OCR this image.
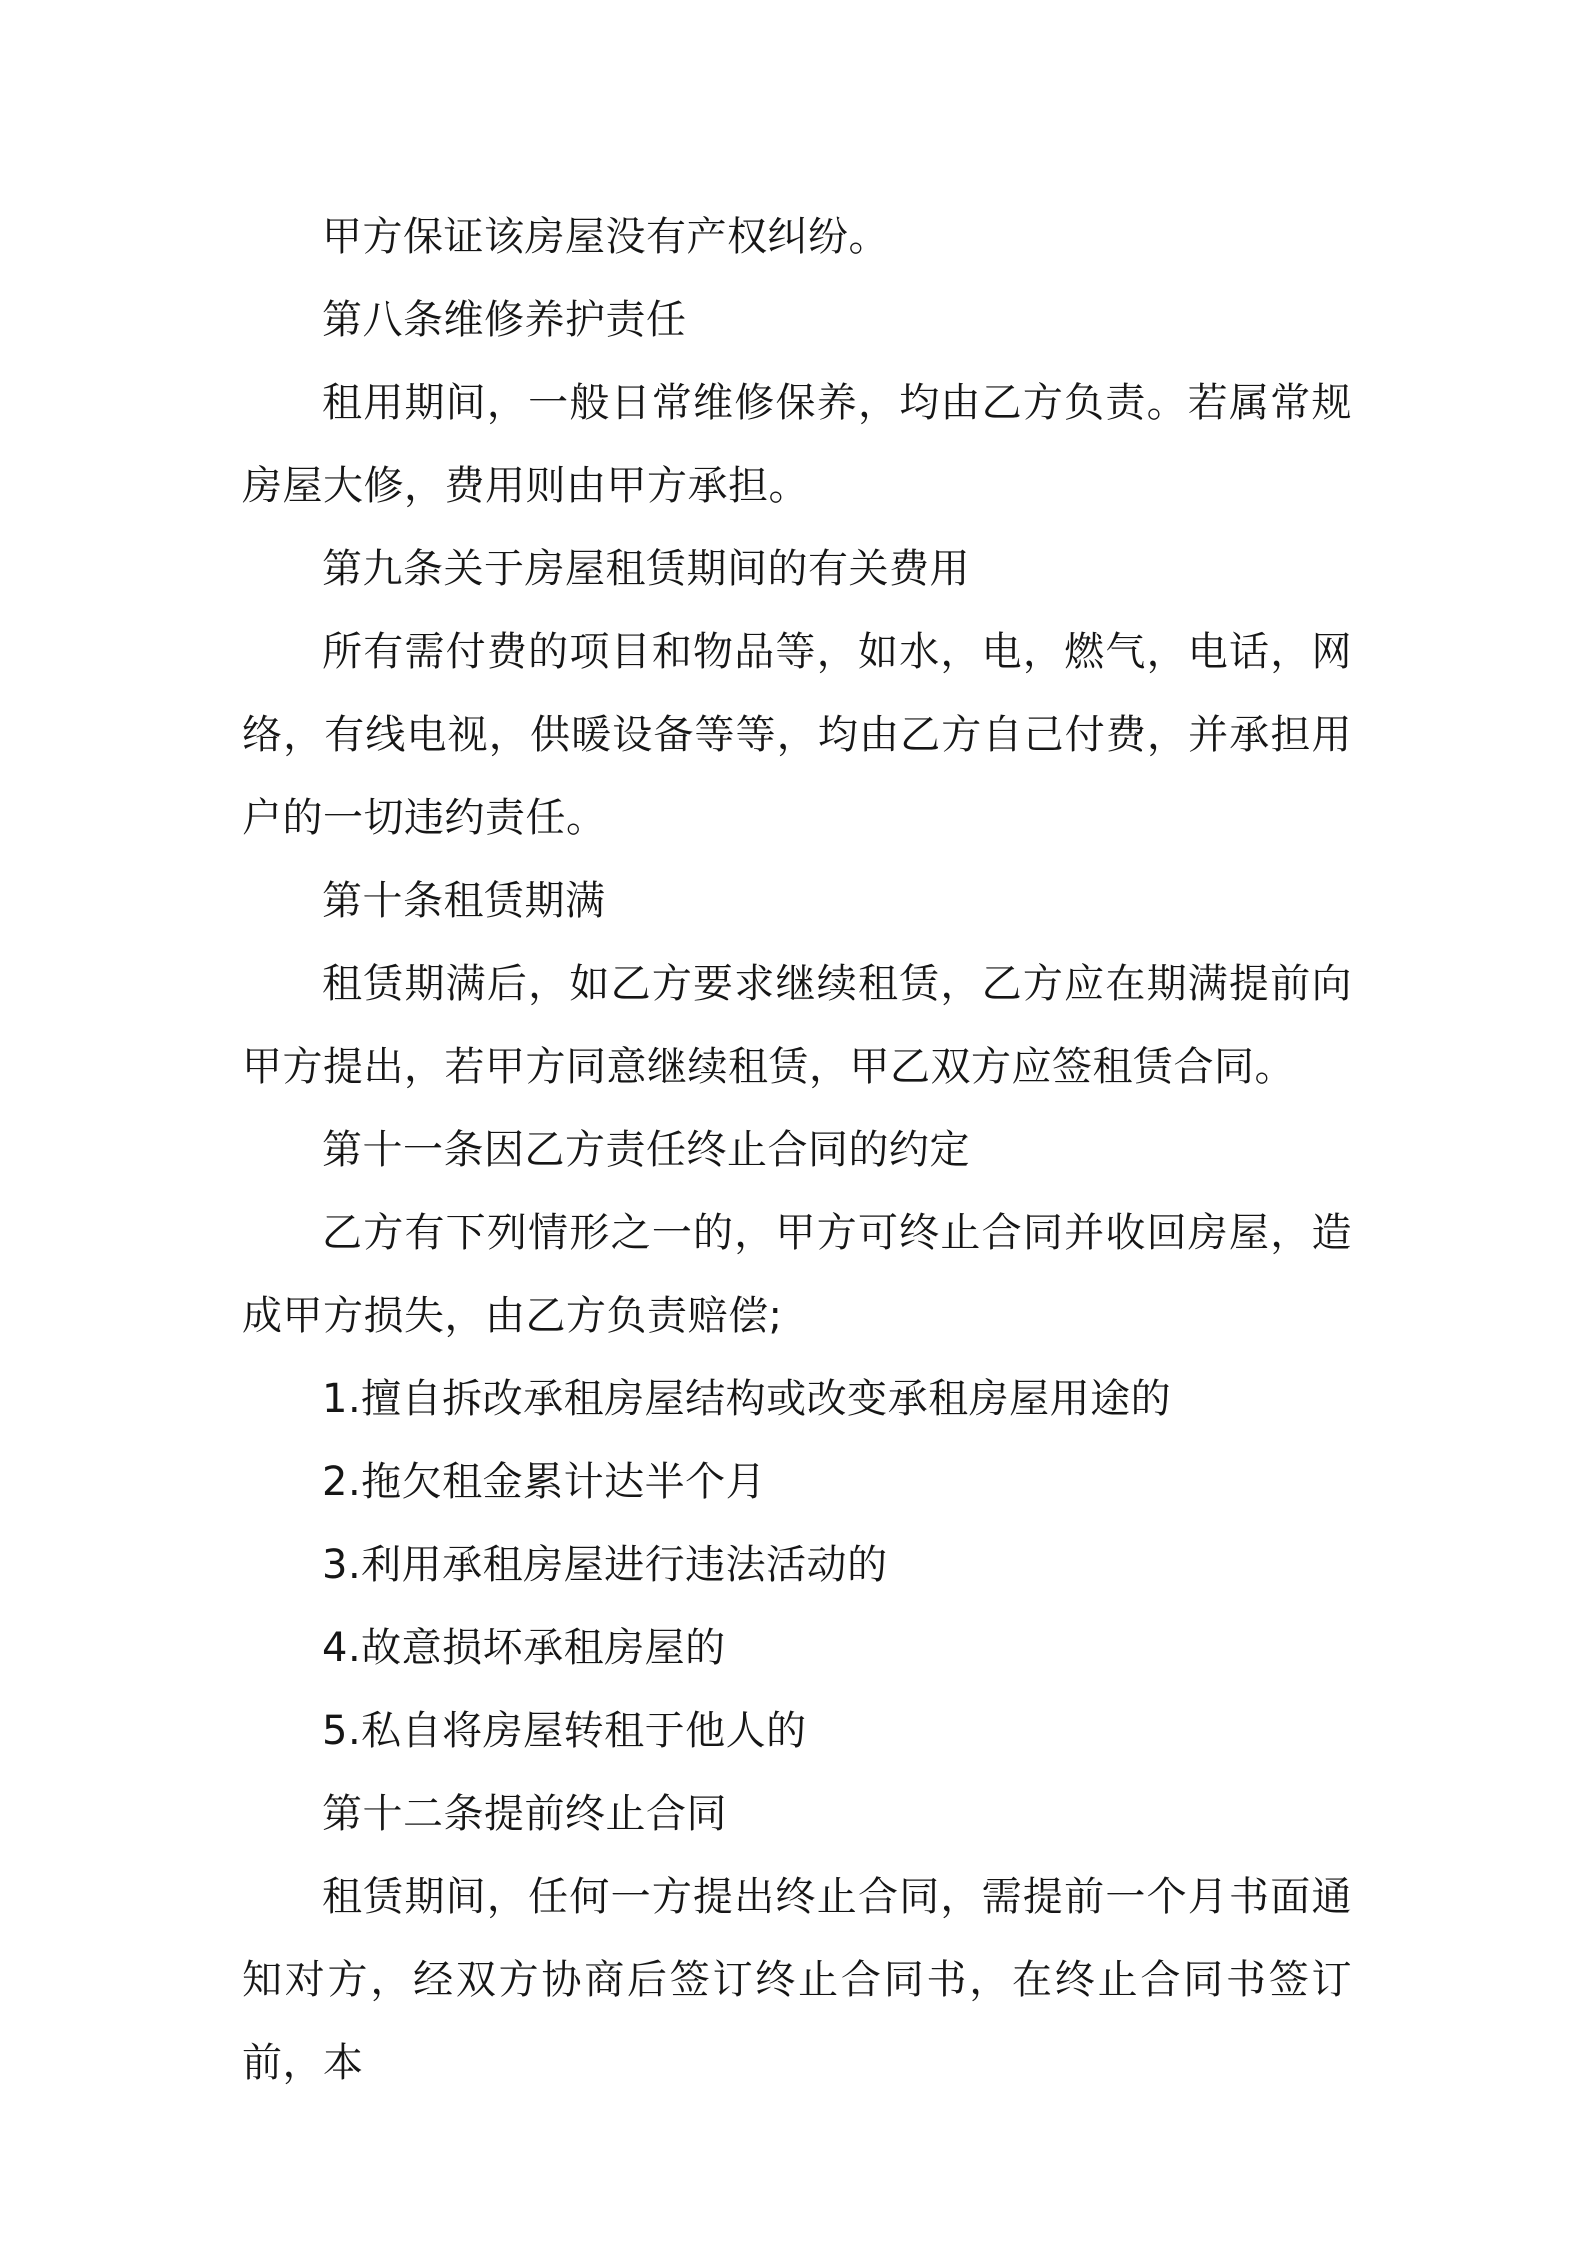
甲方保证该房屋没有产权纠纷。

第八条维修养护责任

租用期间，一般日常维修保养，均由乙方负责。若属常规房屋大修，费用则由甲方承担。

第九条关于房屋租赁期间的有关费用

所有需付费的项目和物品等，如水，电，燃气，电话，网络，有线电视，供暖设备等等，均由乙方自己付费，并承担用户的一切违约责任。

第十条租赁期满

租赁期满后，如乙方要求继续租赁，乙方应在期满提前向甲方提出，若甲方同意继续租赁，甲乙双方应签租赁合同。

第十一条因乙方责任终止合同的约定

乙方有下列情形之一的，甲方可终止合同并收回房屋，造成甲方损失，由乙方负责赔偿;

1.擅自拆改承租房屋结构或改变承租房屋用途的

2.拖欠租金累计达半个月

3.利用承租房屋进行违法活动的

4.故意损坏承租房屋的

5.私自将房屋转租于他人的

第十二条提前终止合同

租赁期间，任何一方提出终止合同，需提前一个月书面通知对方，经双方协商后签订终止合同书，在终止合同书签订前，本
